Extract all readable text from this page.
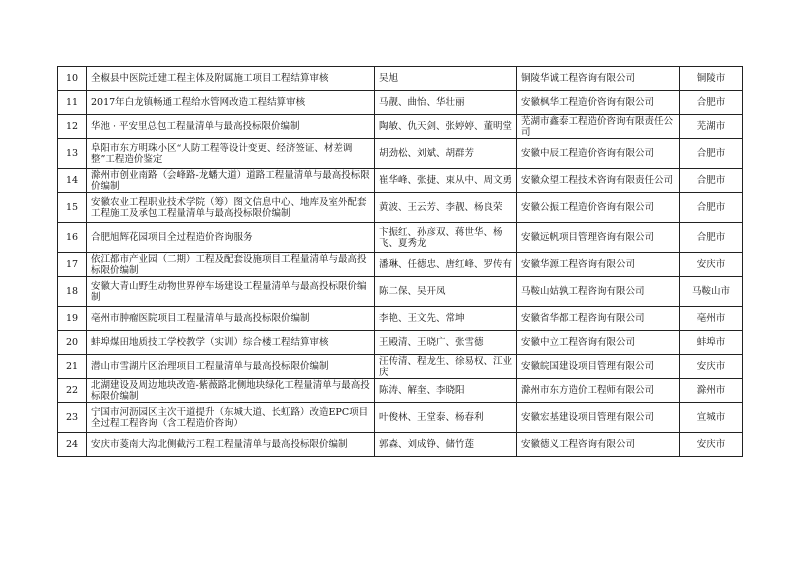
10	全椒县中医院迁建工程主体及附属施工项目工程结算审核	吴旭	铜陵华诚工程咨询有限公司	铜陵市
11	2017年白龙镇畅通工程给水管网改造工程结算审核	马靓、曲怡、华壮丽	安徽枫华工程造价咨询有限公司	合肥市
12	华池 · 平安里总包工程量清单与最高投标限价编制	陶敏、仇天剑、张婷婷、董明堂	芜湖市鑫泰工程造价咨询有限责任公司	芜湖市
13	阜阳市东方明珠小区“人防工程等设计变更、经济签证、材差调整”工程造价鉴定	胡劲松、刘斌、胡群芳	安徽中辰工程造价咨询有限公司	合肥市
14	滁州市创业南路（会峰路-龙蟠大道）道路工程量清单与最高投标限价编制	崔华峰、张捷、束从中、周文勇	安徽众望工程技术咨询有限责任公司	合肥市
15	安徽农业工程职业技术学院（筹）图文信息中心、地库及室外配套工程施工及承包工程量清单与最高投标限价编制	黄波、王云芳、李靓、杨良荣	安徽公振工程造价咨询有限公司	合肥市
16	合肥旭辉花园项目全过程造价咨询服务	卞振红、孙彦双、蒋世华、杨飞、夏秀龙	安徽远帆项目管理咨询有限公司	合肥市
17	依江都市产业园（二期）工程及配套设施项目工程量清单与最高投标限价编制	潘琳、任德忠、唐红峰、罗传有	安徽华源工程咨询有限公司	安庆市
18	安徽大青山野生动物世界停车场建设工程量清单与最高投标限价编制	陈二保、吴开凤	马鞍山姑孰工程咨询有限公司	马鞍山市
19	亳州市肿瘤医院项目工程量清单与最高投标限价编制	李艳、王文先、常坤	安徽省华都工程咨询有限公司	亳州市
20	蚌埠煤田地质技工学校教学（实训）综合楼工程结算审核	王殿清、王晓广、张雪德	安徽中立工程咨询有限公司	蚌埠市
21	潜山市雪湖片区治理项目工程量清单与最高投标限价编制	汪传清、程龙生、徐易权、江业庆	安徽皖国建设项目管理有限公司	安庆市
22	北湖建设及周边地块改造-紫薇路北侧地块绿化工程量清单与最高投标限价编制	陈涛、解奎、李晓阳	滁州市东方造价工程师有限公司	滁州市
23	宁国市河沥园区主次干道提升（东城大道、长虹路）改造EPC项目全过程工程咨询（含工程造价咨询）	叶俊林、王堂泰、杨春利	安徽宏基建设项目管理有限公司	宣城市
24	安庆市菱南大沟北侧截污工程工程量清单与最高投标限价编制	郭森、刘成铮、储竹莲	安徽德义工程咨询有限公司	安庆市
